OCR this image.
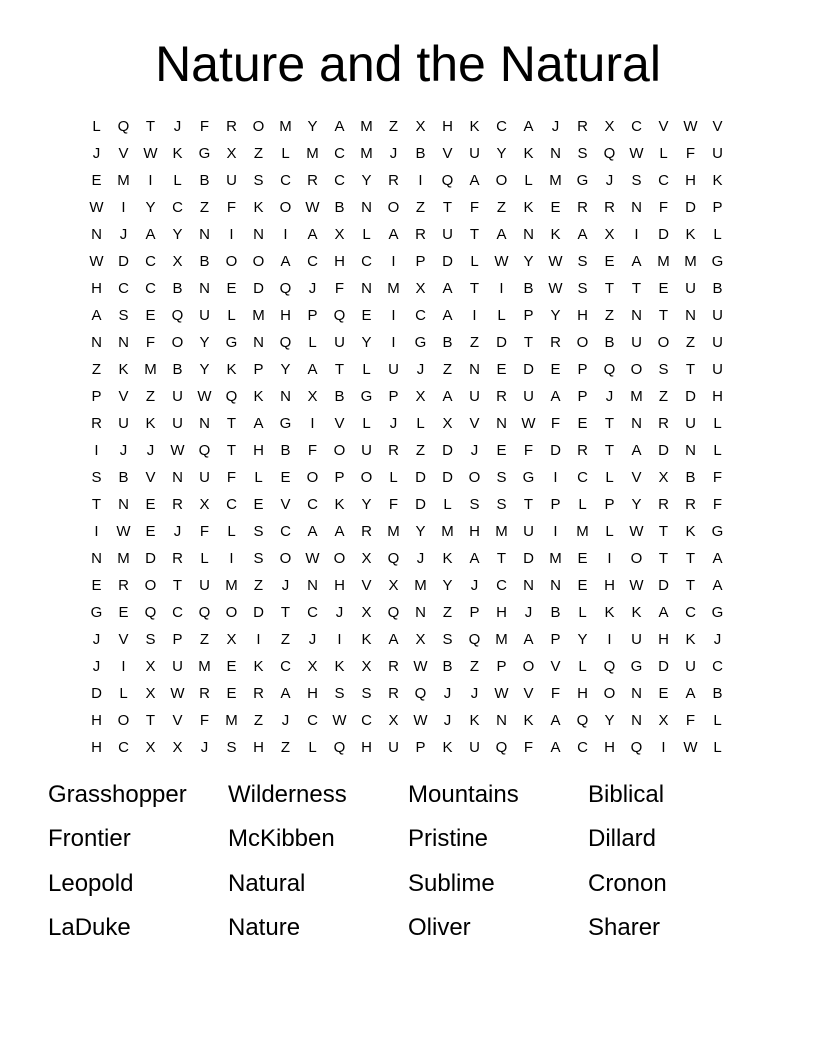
Nature and the Natural
L	Q	T	J	F	R	O M	Y	A	M	Z	X	H	K	C	A	J	R	X	C	V W V
J	V W K	G	X	Z	L	M	C	M	J	B	V	U	Y	K	N	S	Q W	L	F	U
E	M	I	L	B	U	S	C	R	C	Y	R	I	Q	A	O	L	M G	J	S	C	H	K
W	I	Y	C	Z	F	K	O W B	N	O	Z	T	F	Z	K	E	R	R	N	F	D	P
N	J	A	Y	N	I	N	I	A	X	L	A	R	U	T	A	N	K	A	X	I	D	K	L
W D	C	X	B	O	O	A	C	H	C	I	P	D	L	W Y W S	E	A	M M G
H	C	C	B	N	E	D	Q	J	F	N	M	X	A	T	I	B W S	T	T	E	U	B
A	S	E	Q	U	L	M	H	P	Q	E	I	C	A	I	L	P	Y	H	Z	N	T	N	U
N	N	F	O	Y	G	N	Q	L	U	Y	I	G	B	Z	D	T	R	O	B	U	O	Z	U
Z	K	M	B	Y	K	P	Y	A	T	L	U	J	Z	N	E	D	E	P	Q	O	S	T	U
P	V	Z	U W Q	K	N	X	B	G	P	X	A	U	R	U	A	P	J	M	Z	D	H
R	U	K	U	N	T	A	G	I	V	L	J	L	X	V	N W	F	E	T	N	R	U	L
I	J	J	W Q	T	H	B	F	O	U	R	Z	D	J	E	F	D	R	T	A	D	N	L
S	B	V	N	U	F	L	E	O	P	O	L	D	D	O	S	G	I	C	L	V	X	B	F
T	N	E	R	X	C	E	V	C	K	Y	F	D	L	S	S	T	P	L	P	Y	R	R	F
I	W E	J	F	L	S	C	A	A	R	M	Y	M	H	M	U	I	M	L	W	T	K	G
N	M	D	R	L	I	S	O W O	X	Q	J	K	A	T	D	M	E	I	O	T	T	A
E	R	O	T	U	M	Z	J	N	H	V	X	M	Y	J	C	N	N	E	H W D	T	A
G	E	Q	C	Q	O	D	T	C	J	X	Q	N	Z	P	H	J	B	L	K	K	A	C	G
J	V	S	P	Z	X	I	Z	J	I	K	A	X	S	Q M	A	P	Y	I	U	H	K	J
J	I	X	U	M	E	K	C	X	K	X	R W B	Z	P	O	V	L	Q	G	D	U	C
D	L	X W R	E	R	A	H	S	S	R	Q	J	J	W V	F	H	O	N	E	A	B
H	O	T	V	F	M	Z	J	C W C	X W	J	K	N	K	A	Q	Y	N	X	F	L
H	C	X	X	J	S	H	Z	L	Q	H	U	P	K	U	Q	F	A	C	H	Q	I	W	L
Grasshopper	Wilderness	Mountains	Biblical
Frontier	McKibben	Pristine	Dillard
Leopold	Natural	Sublime	Cronon
LaDuke	Nature	Oliver	Sharer
